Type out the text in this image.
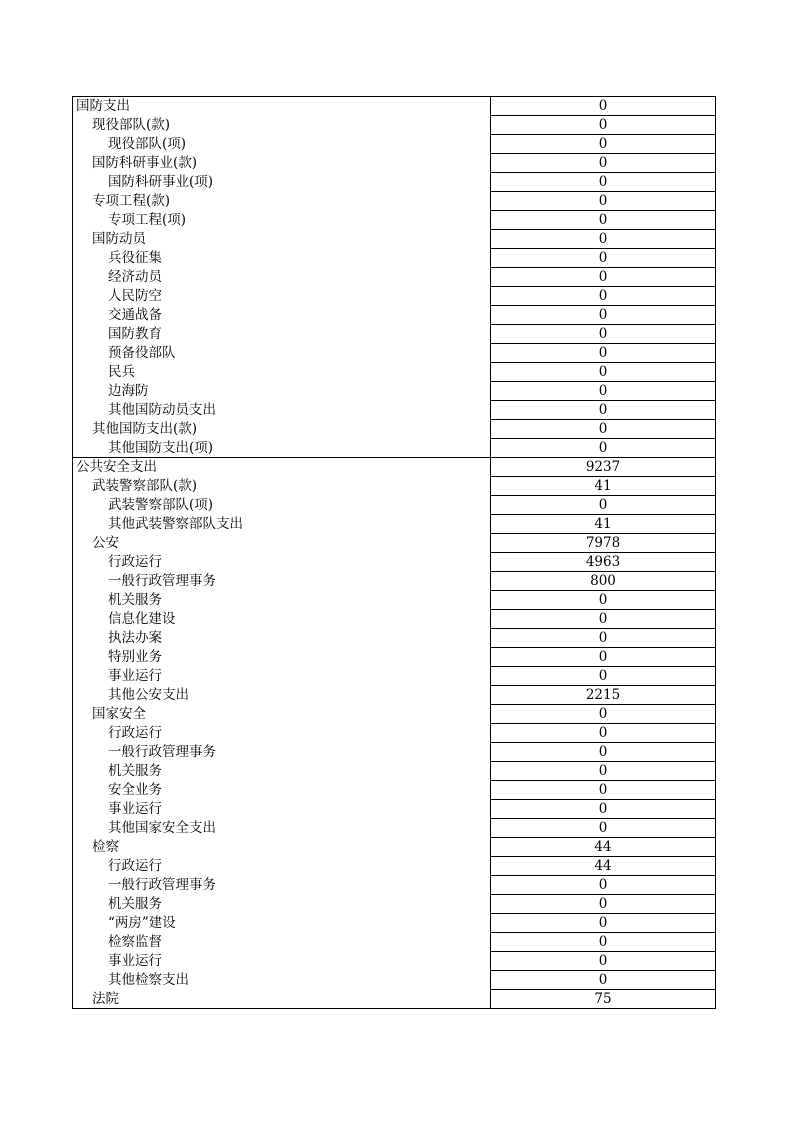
国防支出	0
现役部队(款)	0
现役部队(项)	0
国防科研事业(款)	0
国防科研事业(项)	0
专项工程(款)	0
专项工程(项)	0
国防动员	0
兵役征集	0
经济动员	0
人民防空	0
交通战备	0
国防教育	0
预备役部队	0
民兵	0
边海防	0
其他国防动员支出	0
其他国防支出(款)	0
其他国防支出(项)	0
公共安全支出	9237
武装警察部队(款)	41
武装警察部队(项)	0
其他武装警察部队支出	41
公安	7978
行政运行	4963
一般行政管理事务	800
机关服务	0
信息化建设	0
执法办案	0
特别业务	0
事业运行	0
其他公安支出	2215
国家安全	0
行政运行	0
一般行政管理事务	0
机关服务	0
安全业务	0
事业运行	0
其他国家安全支出	0
检察	44
行政运行	44
一般行政管理事务	0
机关服务	0
“两房”建设	0
检察监督	0
事业运行	0
其他检察支出	0
法院	75
